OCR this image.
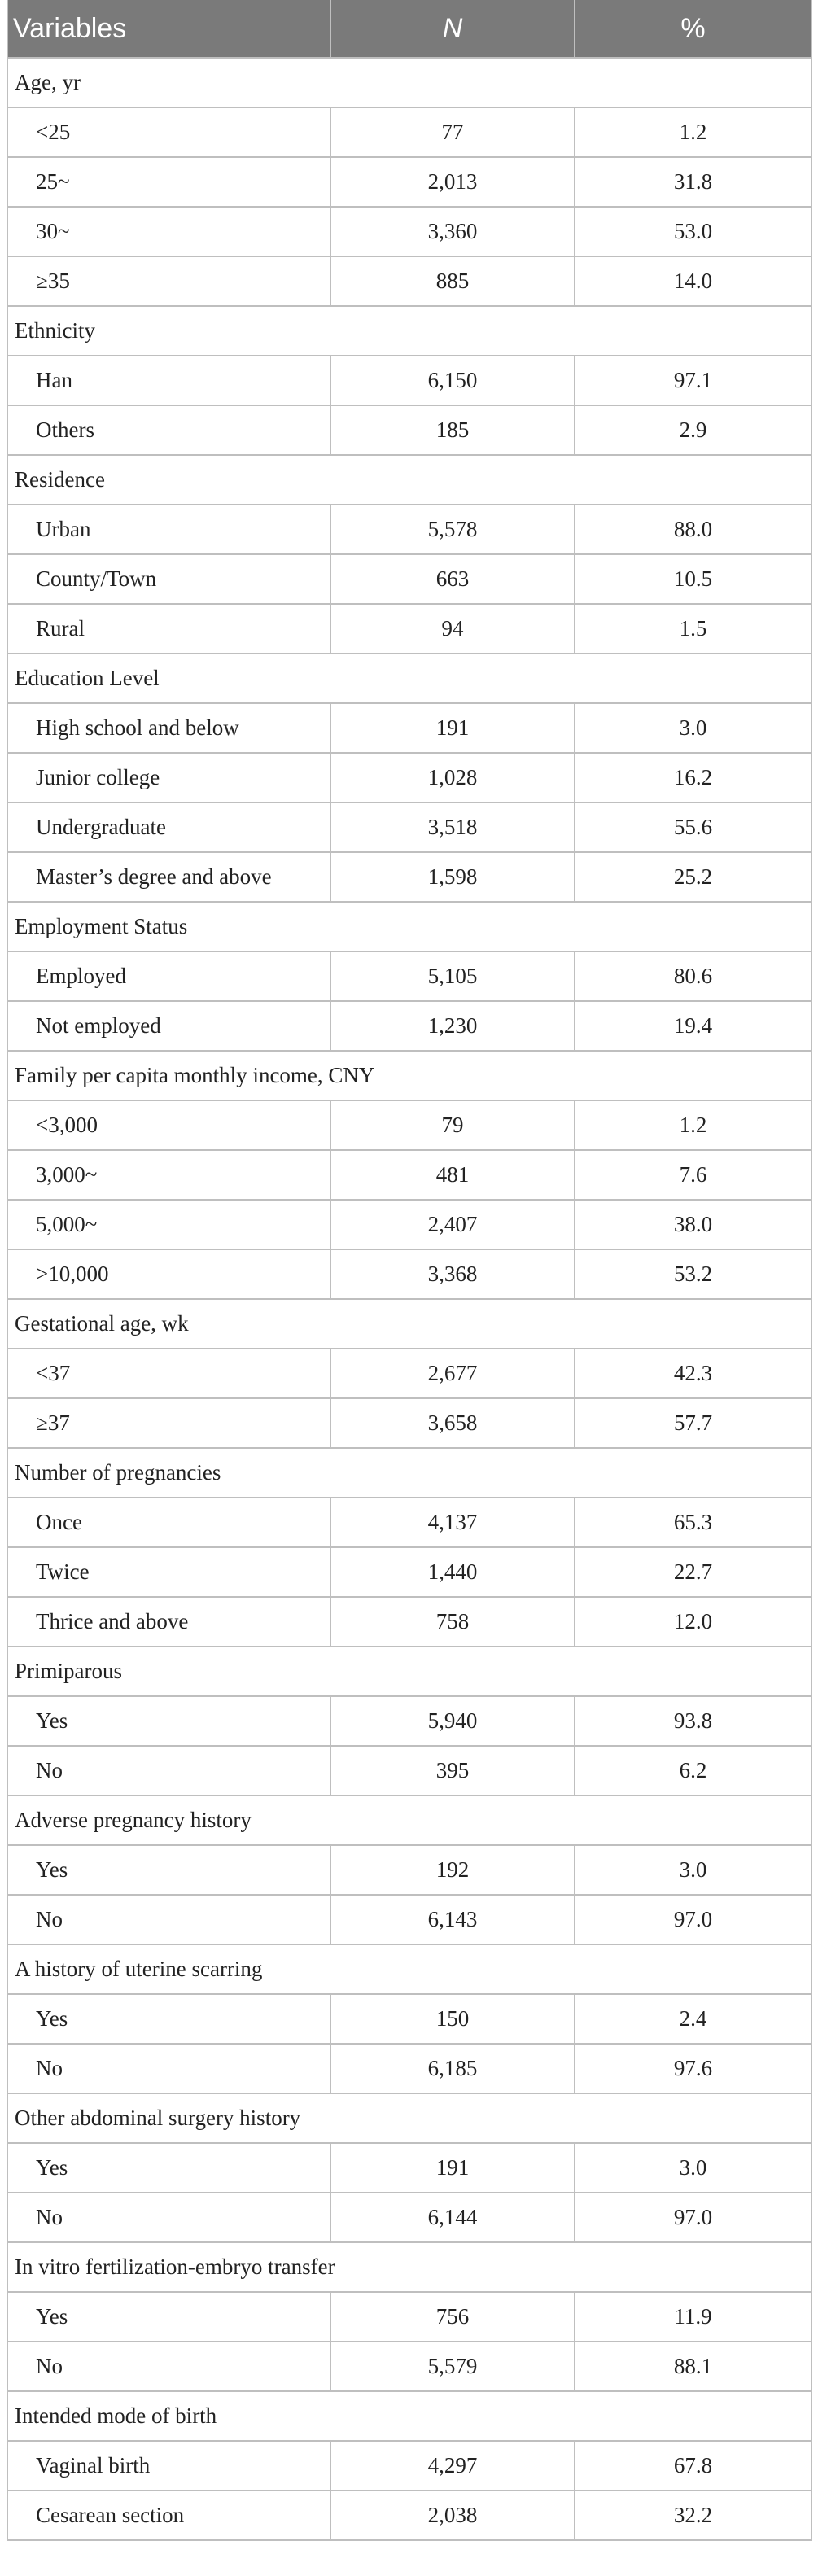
Variables	N	%
Age, yr		
<25	77	1.2
25~	2,013	31.8
30~	3,360	53.0
≥35	885	14.0
Ethnicity		
Han	6,150	97.1
Others	185	2.9
Residence		
Urban	5,578	88.0
County/Town	663	10.5
Rural	94	1.5
Education Level		
High school and below	191	3.0
Junior college	1,028	16.2
Undergraduate	3,518	55.6
Master’s degree and above	1,598	25.2
Employment Status		
Employed	5,105	80.6
Not employed	1,230	19.4
Family per capita monthly income, CNY		
<3,000	79	1.2
3,000~	481	7.6
5,000~	2,407	38.0
>10,000	3,368	53.2
Gestational age, wk		
<37	2,677	42.3
≥37	3,658	57.7
Number of pregnancies		
Once	4,137	65.3
Twice	1,440	22.7
Thrice and above	758	12.0
Primiparous		
Yes	5,940	93.8
No	395	6.2
Adverse pregnancy history		
Yes	192	3.0
No	6,143	97.0
A history of uterine scarring		
Yes	150	2.4
No	6,185	97.6
Other abdominal surgery history		
Yes	191	3.0
No	6,144	97.0
In vitro fertilization-embryo transfer		
Yes	756	11.9
No	5,579	88.1
Intended mode of birth		
Vaginal birth	4,297	67.8
Cesarean section	2,038	32.2
